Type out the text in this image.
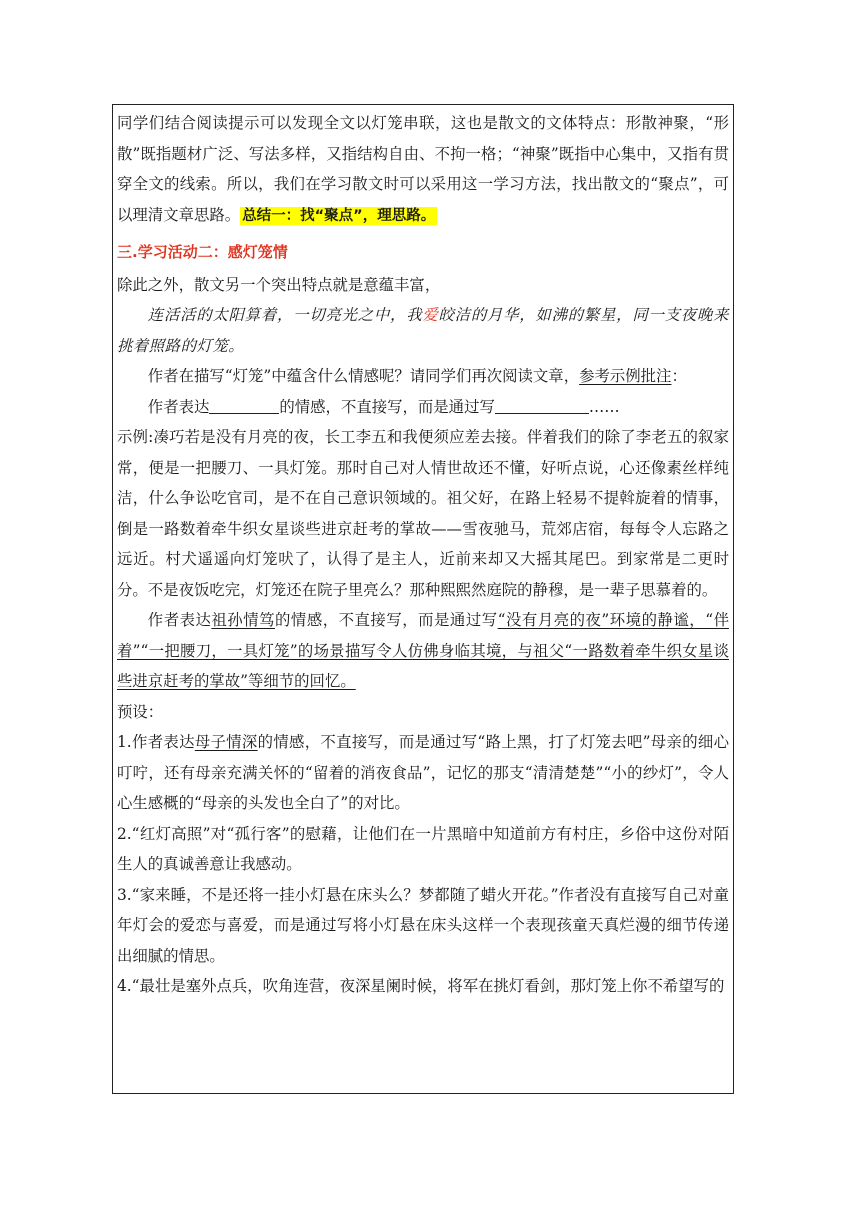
同学们结合阅读提示可以发现全文以灯笼串联，这也是散文的文体特点：形散神聚，“形散”既指题材广泛、写法多样，又指结构自由、不拘一格；“神聚”既指中心集中，又指有贯穿全文的线索。所以，我们在学习散文时可以采用这一学习方法，找出散文的“聚点”，可以理清文章思路。 总结一：找“聚点”，理思路。

三.学习活动二：感灯笼情

除此之外，散文另一个突出特点就是意蕴丰富，

连活活的太阳算着，一切亮光之中，我爱皎洁的月华，如沸的繁星，同一支夜晚来挑着照路的灯笼。

作者在描写“灯笼”中蕴含什么情感呢？请同学们再次阅读文章，参考示例批注：

作者表达	的情感，不直接写，而是通过写	……

示例:凑巧若是没有月亮的夜，长工李五和我便须应差去接。伴着我们的除了李老五的叙家常，便是一把腰刀、一具灯笼。那时自己对人情世故还不懂，好听点说，心还像素丝样纯洁，什么争讼吃官司，是不在自己意识领域的。祖父好，在路上轻易不提斡旋着的情事，倒是一路数着牵牛织女星谈些进京赶考的掌故——雪夜驰马，荒郊店宿，每每令人忘路之远近。村犬遥遥向灯笼吠了，认得了是主人，近前来却又大摇其尾巴。到家常是二更时分。不是夜饭吃完，灯笼还在院子里亮么？那种熙熙然庭院的静穆，是一辈子思慕着的。

作者表达祖孙情笃的情感，不直接写，而是通过写“没有月亮的夜”环境的静谧，“伴着”“一把腰刀，一具灯笼”的场景描写令人仿佛身临其境，与祖父“一路数着牵牛织女星谈些进京赶考的掌故”等细节的回忆。

预设：

1.作者表达母子情深的情感，不直接写，而是通过写“路上黑，打了灯笼去吧”母亲的细心叮咛，还有母亲充满关怀的“留着的消夜食品”，记忆的那支“清清楚楚”“小的纱灯”，令人心生感概的“母亲的头发也全白了”的对比。

2.“红灯高照”对“孤行客”的慰藉，让他们在一片黑暗中知道前方有村庄，乡俗中这份对陌生人的真诚善意让我感动。

3.“家来睡，不是还将一挂小灯悬在床头么？梦都随了蜡火开花。”作者没有直接写自己对童年灯会的爱恋与喜爱，而是通过写将小灯悬在床头这样一个表现孩童天真烂漫的细节传递出细腻的情思。

4.“最壮是塞外点兵，吹角连营，夜深星阑时候，将军在挑灯看剑，那灯笼上你不希望写的
